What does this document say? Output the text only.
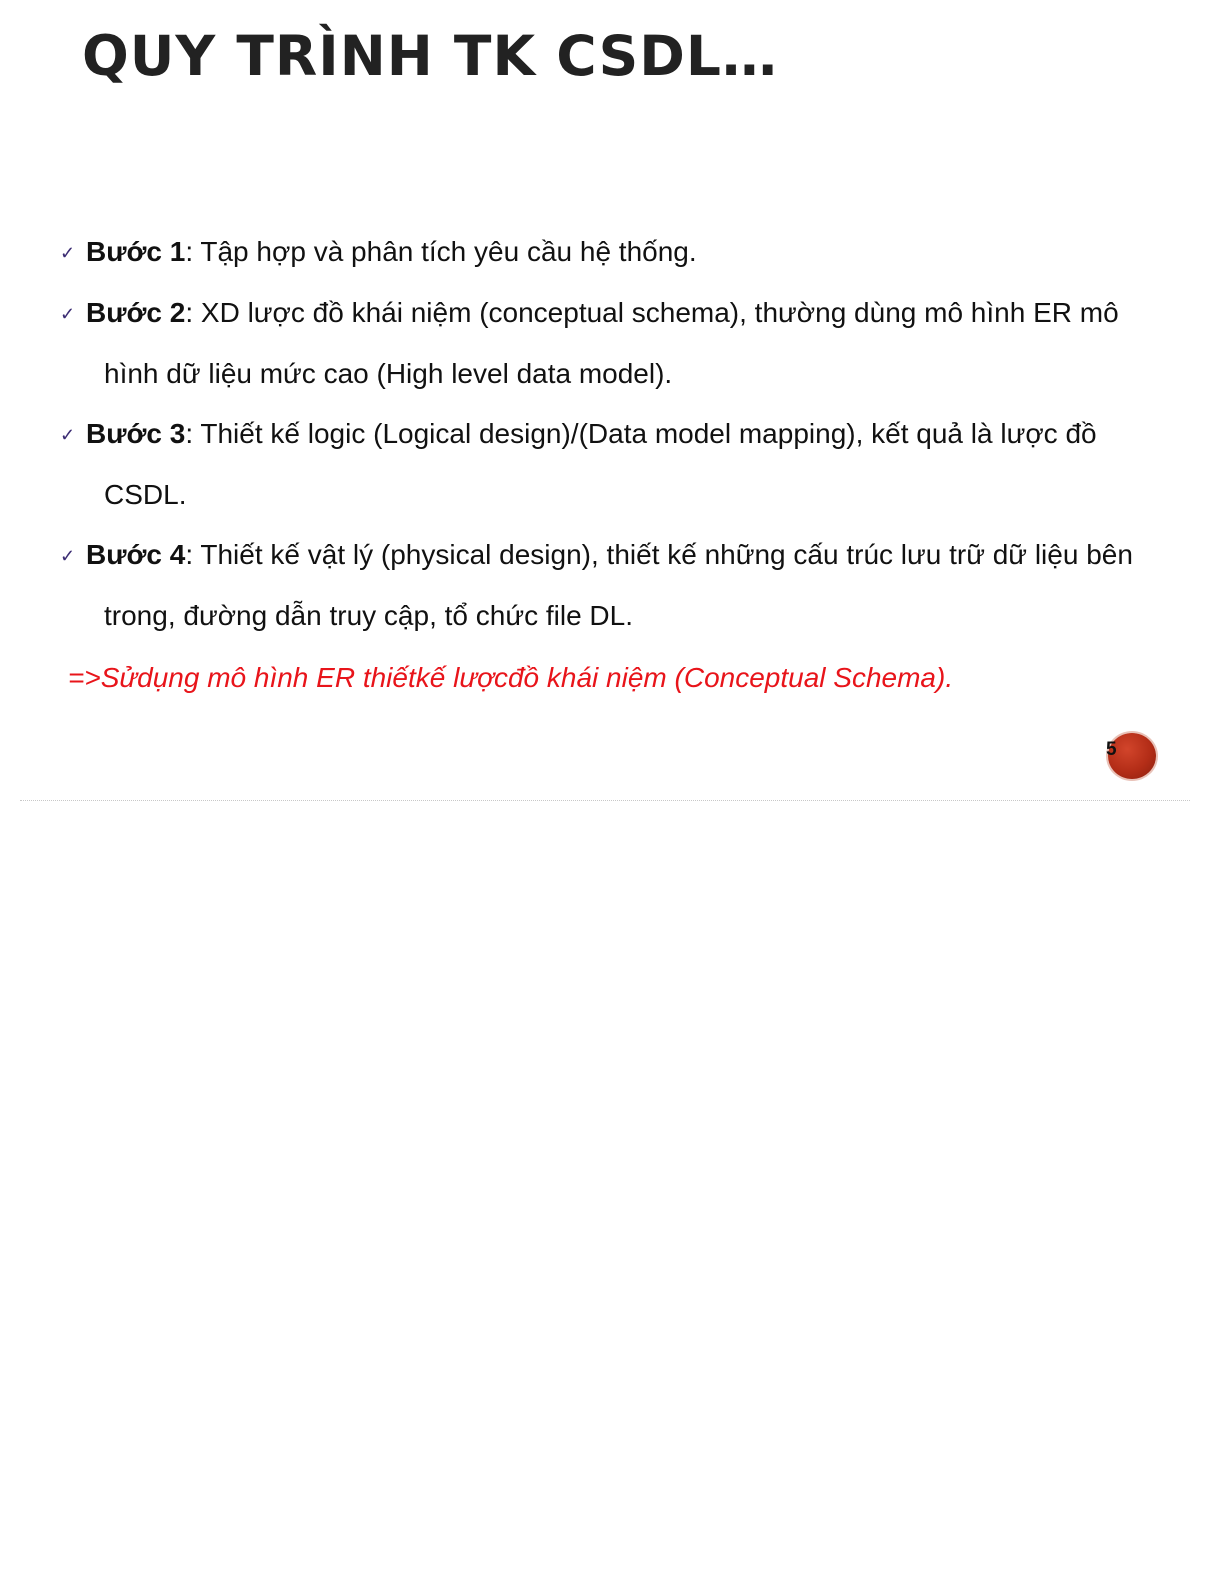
QUY TRÌNH TK CSDL…
✓ Bước 1: Tập hợp và phân tích yêu cầu hệ thống.
✓ Bước 2: XD lược đồ khái niệm (conceptual schema), thường dùng mô hình ER mô hình dữ liệu mức cao (High level data model).
✓ Bước 3: Thiết kế logic (Logical design)/(Data model mapping), kết quả là lược đồ CSDL.
✓ Bước 4: Thiết kế vật lý (physical design), thiết kế những cấu trúc lưu trữ dữ liệu bên trong, đường dẫn truy cập, tổ chức file DL.

=>Sửdụng mô hình ER thiếtkế lượcđồ khái niệm (Conceptual Schema).

5
